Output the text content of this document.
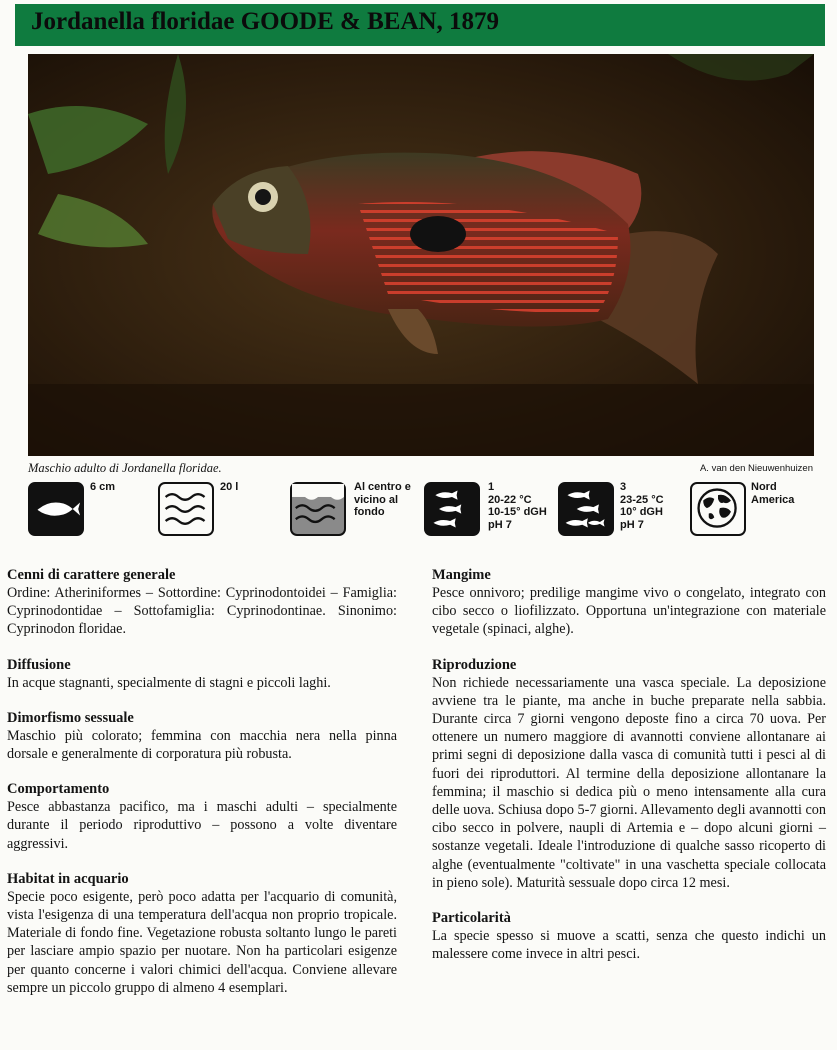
Jordanella floridae GOODE & BEAN, 1879
Maschio adulto di Jordanella floridae.	A. van den Nieuwenhuizen
6 cm	20 l	Al centro e
vicino al
fondo
1
20-22 °C
10-15° dGH
pH 7
3
23-25 °C
10° dGH
pH 7
Nord
America
Cenni di carattere generale

Ordine: Atheriniformes – Sottordine: Cyprinodontoidei – Famiglia: Cyprinodontidae – Sottofamiglia: Cyprinodontinae. Sinonimo: Cyprinodon floridae.

Diffusione

In acque stagnanti, specialmente di stagni e piccoli laghi.

Dimorfismo sessuale

Maschio più colorato; femmina con macchia nera nella pinna dorsale e generalmente di corporatura più robusta.

Comportamento

Pesce abbastanza pacifico, ma i maschi adulti – specialmente durante il periodo riproduttivo – possono a volte diventare aggressivi.

Habitat in acquario

Specie poco esigente, però poco adatta per l'acquario di comunità, vista l'esigenza di una temperatura dell'acqua non proprio tropicale. Materiale di fondo fine. Vegetazione robusta soltanto lungo le pareti per lasciare ampio spazio per nuotare. Non ha particolari esigenze per quanto concerne i valori chimici dell'acqua. Conviene allevare sempre un piccolo gruppo di almeno 4 esemplari.

Mangime

Pesce onnivoro; predilige mangime vivo o congelato, integrato con cibo secco o liofilizzato. Opportuna un'integrazione con materiale vegetale (spinaci, alghe).

Riproduzione

Non richiede necessariamente una vasca speciale. La deposizione avviene tra le piante, ma anche in buche preparate nella sabbia. Durante circa 7 giorni vengono deposte fino a circa 70 uova. Per ottenere un numero maggiore di avannotti conviene allontanare ai primi segni di deposizione dalla vasca di comunità tutti i pesci al di fuori dei riproduttori. Al termine della deposizione allontanare la femmina; il maschio si dedica più o meno intensamente alla cura delle uova. Schiusa dopo 5-7 giorni. Allevamento degli avannotti con cibo secco in polvere, naupli di Artemia e – dopo alcuni giorni – sostanze vegetali. Ideale l'introduzione di qualche sasso ricoperto di alghe (eventualmente "coltivate" in una vaschetta speciale collocata in pieno sole). Maturità sessuale dopo circa 12 mesi.

Particolarità

La specie spesso si muove a scatti, senza che questo indichi un malessere come invece in altri pesci.
